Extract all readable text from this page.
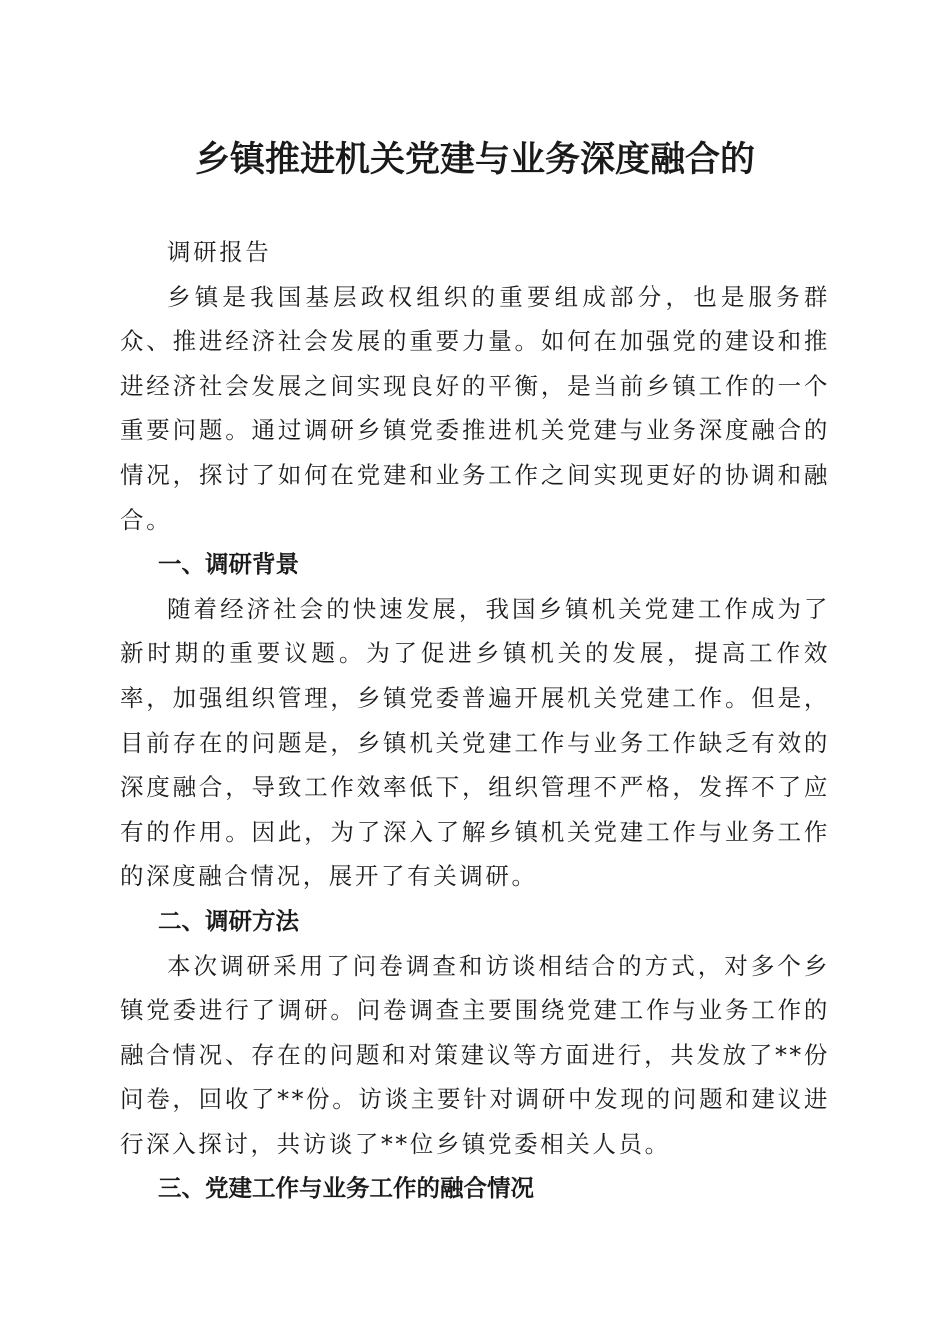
乡镇推进机关党建与业务深度融合的

调研报告

乡镇是我国基层政权组织的重要组成部分，也是服务群众、推进经济社会发展的重要力量。如何在加强党的建设和推进经济社会发展之间实现良好的平衡，是当前乡镇工作的一个重要问题。通过调研乡镇党委推进机关党建与业务深度融合的情况，探讨了如何在党建和业务工作之间实现更好的协调和融合。

一、调研背景

随着经济社会的快速发展，我国乡镇机关党建工作成为了新时期的重要议题。为了促进乡镇机关的发展，提高工作效率，加强组织管理，乡镇党委普遍开展机关党建工作。但是，目前存在的问题是，乡镇机关党建工作与业务工作缺乏有效的深度融合，导致工作效率低下，组织管理不严格，发挥不了应有的作用。因此，为了深入了解乡镇机关党建工作与业务工作的深度融合情况，展开了有关调研。

二、调研方法

本次调研采用了问卷调查和访谈相结合的方式，对多个乡镇党委进行了调研。问卷调查主要围绕党建工作与业务工作的融合情况、存在的问题和对策建议等方面进行，共发放了**份问卷，回收了**份。访谈主要针对调研中发现的问题和建议进行深入探讨，共访谈了**位乡镇党委相关人员。

三、党建工作与业务工作的融合情况
